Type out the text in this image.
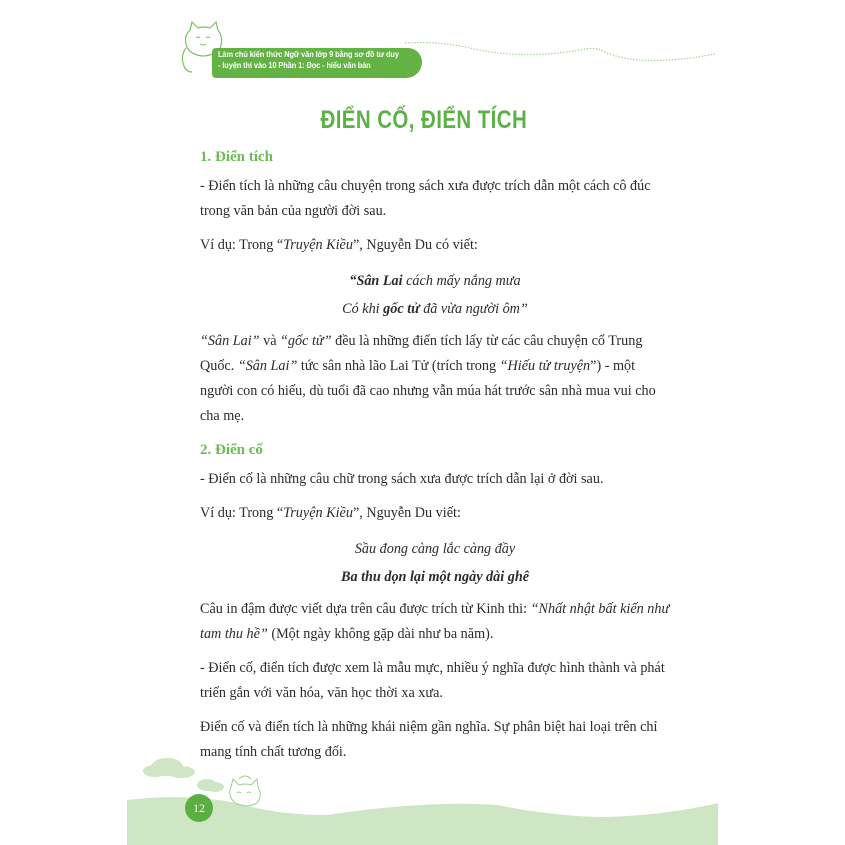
Làm chủ kiến thức Ngữ văn lớp 9 bằng sơ đồ tư duy
- luyện thi vào 10 Phần 1: Đọc - hiểu văn bản
ĐIỂN CỐ, ĐIỂN TÍCH
1. Điển tích

- Điển tích là những câu chuyện trong sách xưa được trích dẫn một cách cô đúc trong văn bản của người đời sau.

Ví dụ: Trong “Truyện Kiều”, Nguyễn Du có viết:

“Sân Lai cách mấy nắng mưa
Có khi gốc tử đã vừa người ôm”

“Sân Lai” và “gốc tử” đều là những điển tích lấy từ các câu chuyện cổ Trung Quốc. “Sân Lai” tức sân nhà lão Lai Tử (trích trong “Hiếu tử truyện”) - một người con có hiếu, dù tuổi đã cao nhưng vẫn múa hát trước sân nhà mua vui cho cha mẹ.

2. Điển cố

- Điển cố là những câu chữ trong sách xưa được trích dẫn lại ở đời sau.

Ví dụ: Trong “Truyện Kiều”, Nguyễn Du viết:

Sầu đong càng lắc càng đầy
Ba thu dọn lại một ngày dài ghê

Câu in đậm được viết dựa trên câu được trích từ Kinh thi: “Nhất nhật bất kiến như tam thu hề” (Một ngày không gặp dài như ba năm).

- Điển cố, điển tích được xem là mẫu mực, nhiều ý nghĩa được hình thành và phát triển gắn với văn hóa, văn học thời xa xưa.

Điển cố và điển tích là những khái niệm gần nghĩa. Sự phân biệt hai loại trên chỉ mang tính chất tương đối.

12
